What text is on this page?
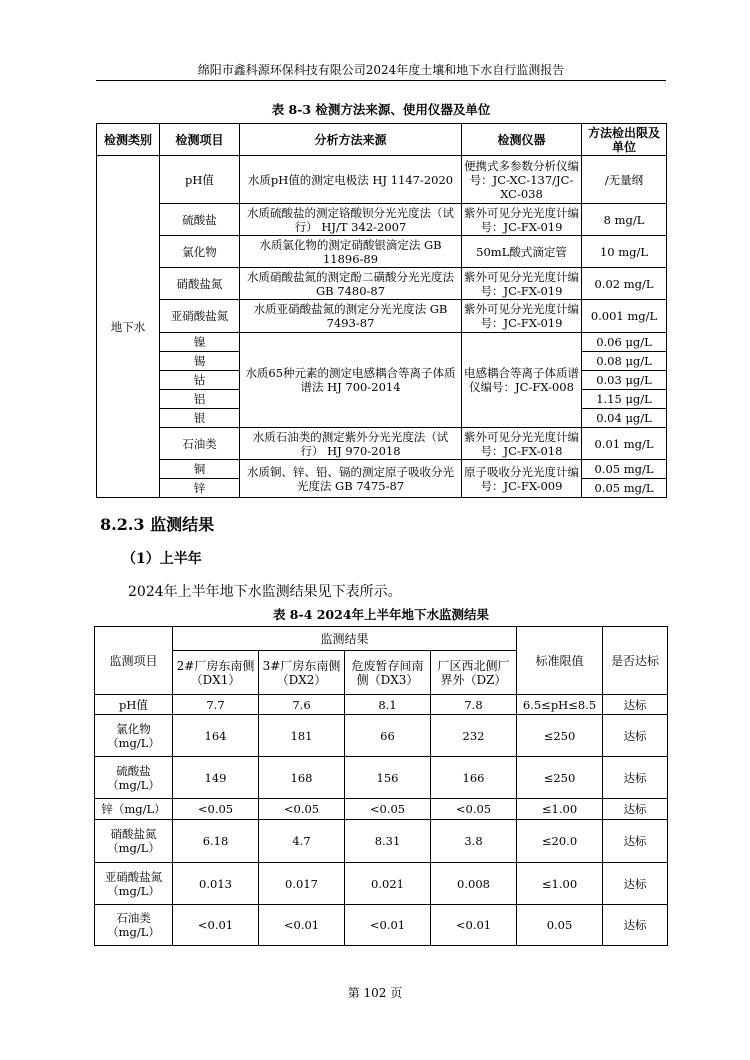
绵阳市鑫科源环保科技有限公司2024年度土壤和地下水自行监测报告
表 8-3 检测方法来源、使用仪器及单位
检测类别	检测项目	分析方法来源	检测仪器	方法检出限及单位
地下水	pH值	水质pH值的测定电极法 HJ 1147-2020	便携式多参数分析仪编号：JC-XC-137/JC-XC-038	/无量纲
	硫酸盐	水质硫酸盐的测定铬酸钡分光光度法（试行） HJ/T 342-2007	紫外可见分光光度计编号：JC-FX-019	8 mg/L
	氯化物	水质氯化物的测定硝酸银滴定法 GB 11896-89	50mL酸式滴定管	10 mg/L
	硝酸盐氮	水质硝酸盐氮的测定酚二磺酸分光光度法GB 7480-87	紫外可见分光光度计编号：JC-FX-019	0.02 mg/L
	亚硝酸盐氮	水质亚硝酸盐氮的测定分光光度法 GB 7493-87	紫外可见分光光度计编号：JC-FX-019	0.001 mg/L
	镍	水质65种元素的测定电感耦合等离子体质谱法 HJ 700-2014	电感耦合等离子体质谱仪编号：JC-FX-008	0.06 μg/L
	锡			0.08 μg/L
	钴			0.03 μg/L
	铝			1.15 μg/L
	银			0.04 μg/L
	石油类	水质石油类的测定紫外分光光度法（试行） HJ 970-2018	紫外可见分光光度计编号：JC-FX-018	0.01 mg/L
	铜	水质铜、锌、铅、镉的测定原子吸收分光光度法 GB 7475-87	原子吸收分光光度计编号：JC-FX-009	0.05 mg/L
	锌			0.05 mg/L
8.2.3 监测结果
（1）上半年
2024年上半年地下水监测结果见下表所示。
表 8-4 2024年上半年地下水监测结果
监测项目	监测结果				标准限值	是否达标
	2#厂房东南侧（DX1）	3#厂房东南侧（DX2）	危废暂存间南侧（DX3）	厂区西北侧厂界外（DZ）		
pH值	7.7	7.6	8.1	7.8	6.5≤pH≤8.5	达标
氯化物（mg/L）	164	181	66	232	≤250	达标
硫酸盐（mg/L）	149	168	156	166	≤250	达标
锌（mg/L）	<0.05	<0.05	<0.05	<0.05	≤1.00	达标
硝酸盐氮（mg/L）	6.18	4.7	8.31	3.8	≤20.0	达标
亚硝酸盐氮（mg/L）	0.013	0.017	0.021	0.008	≤1.00	达标
石油类（mg/L）	<0.01	<0.01	<0.01	<0.01	0.05	达标
第 102 页
